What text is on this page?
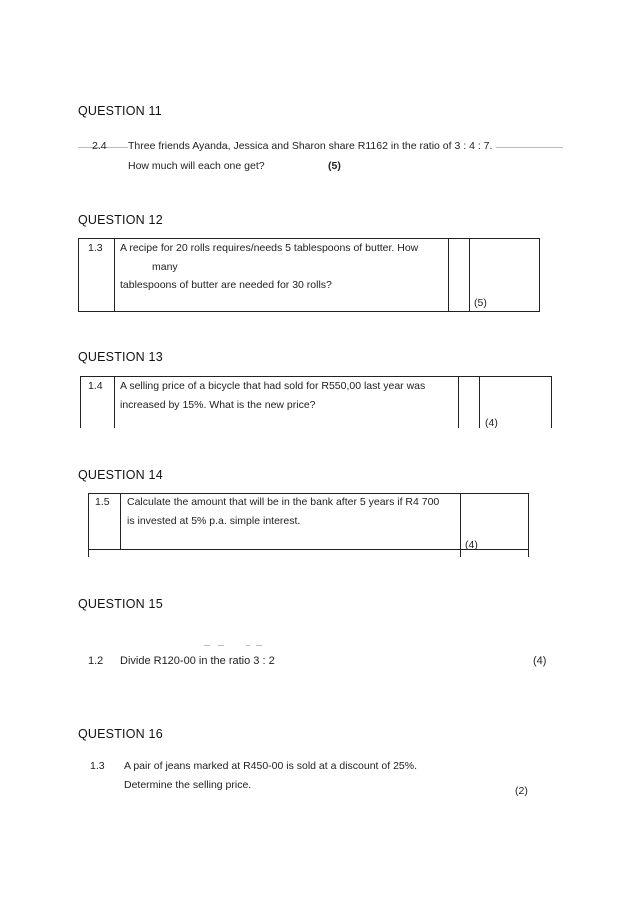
QUESTION 11
2.4 Three friends Ayanda, Jessica and Sharon share R1162 in the ratio of 3 : 4 : 7.
How much will each one get?	(5)
QUESTION 12
1.3 A recipe for 20 rolls requires/needs 5 tablespoons of butter. How
many
tablespoons of butter are needed for 30 rolls?
(5)
QUESTION 13
1.4 A selling price of a bicycle that had sold for R550,00 last year was
increased by 15%. What is the new price?
(4)
QUESTION 14
1.5 Calculate the amount that will be in the bank after 5 years if R4 700
is invested at 5% p.a. simple interest.
(4)
QUESTION 15
1.2 Divide R120-00 in the ratio 3 : 2	(4)
QUESTION 16
1.3 A pair of jeans marked at R450-00 is sold at a discount of 25%.
Determine the selling price.	(2)
